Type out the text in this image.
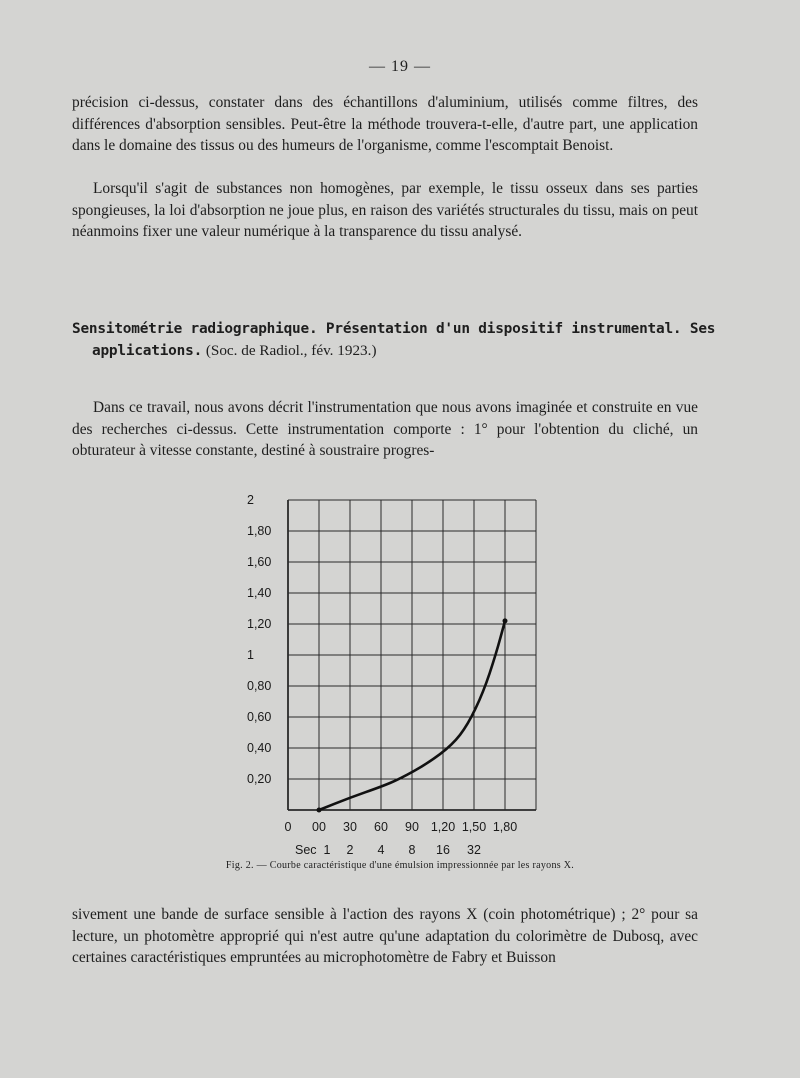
— 19 —

précision ci-dessus, constater dans des échantillons d'aluminium, utilisés comme filtres, des différences d'absorption sensibles. Peut-être la méthode trouvera-t-elle, d'autre part, une application dans le domaine des tissus ou des humeurs de l'organisme, comme l'escomptait Benoist.

Lorsqu'il s'agit de substances non homogènes, par exemple, le tissu osseux dans ses parties spongieuses, la loi d'absorption ne joue plus, en raison des variétés structurales du tissu, mais on peut néanmoins fixer une valeur numérique à la transparence du tissu analysé.

Sensitométrie radiographique. Présentation d'un dispositif instrumental. Ses applications. (Soc. de Radiol., fév. 1923.)

Dans ce travail, nous avons décrit l'instrumentation que nous avons imaginée et construite en vue des recherches ci-dessus. Cette instrumentation comporte : 1° pour l'obtention du cliché, un obturateur à vitesse constante, destiné à soustraire progres-

2
1,80
1,60
1,40
1,20
1
0,80
0,60
0,40
0,20
0 00 30 60 90 1,20 1,50 1,80
Sec 1 2 4 8 16 32
Fig. 2. — Courbe caractéristique d'une émulsion impressionnée par les rayons X.

sivement une bande de surface sensible à l'action des rayons X (coin photométrique) ; 2° pour sa lecture, un photomètre approprié qui n'est autre qu'une adaptation du colorimètre de Dubosq, avec certaines caractéristiques empruntées au microphotomètre de Fabry et Buisson
